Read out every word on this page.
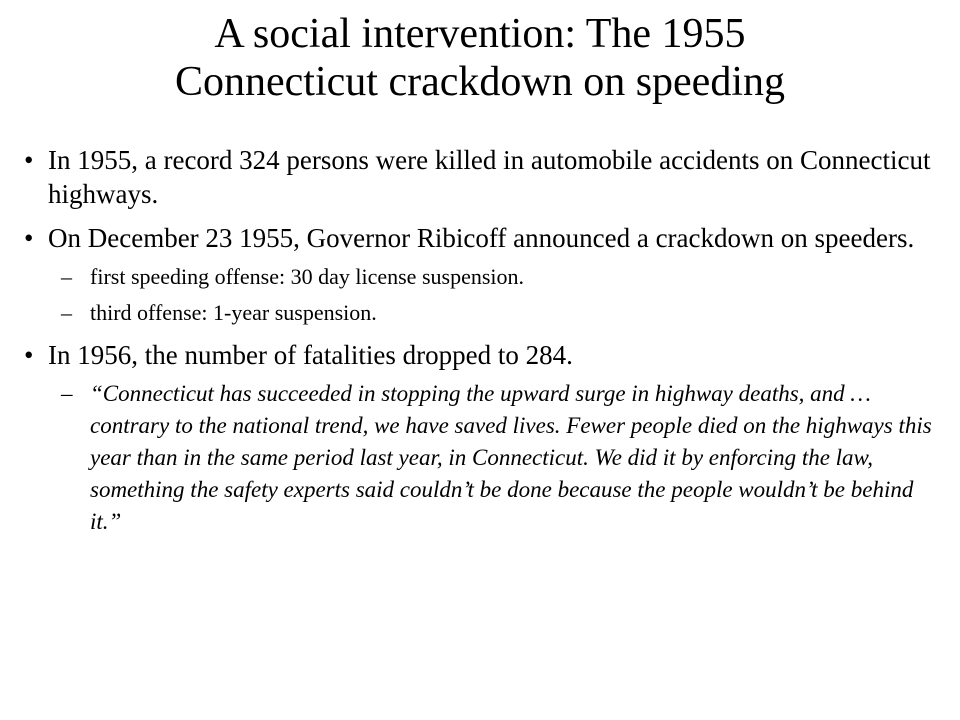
A social intervention: The 1955
Connecticut crackdown on speeding
• In 1955, a record 324 persons were killed in automobile accidents on Connecticut highways.
• On December 23 1955, Governor Ribicoff announced a crackdown on speeders.
– first speeding offense: 30 day license suspension.
– third offense: 1-year suspension.
• In 1956, the number of fatalities dropped to 284.
– “Connecticut has succeeded in stopping the upward surge in highway deaths, and … contrary to the national trend, we have saved lives. Fewer people died on the highways this year than in the same period last year, in Connecticut. We did it by enforcing the law, something the safety experts said couldn’t be done because the people wouldn’t be behind it.”
